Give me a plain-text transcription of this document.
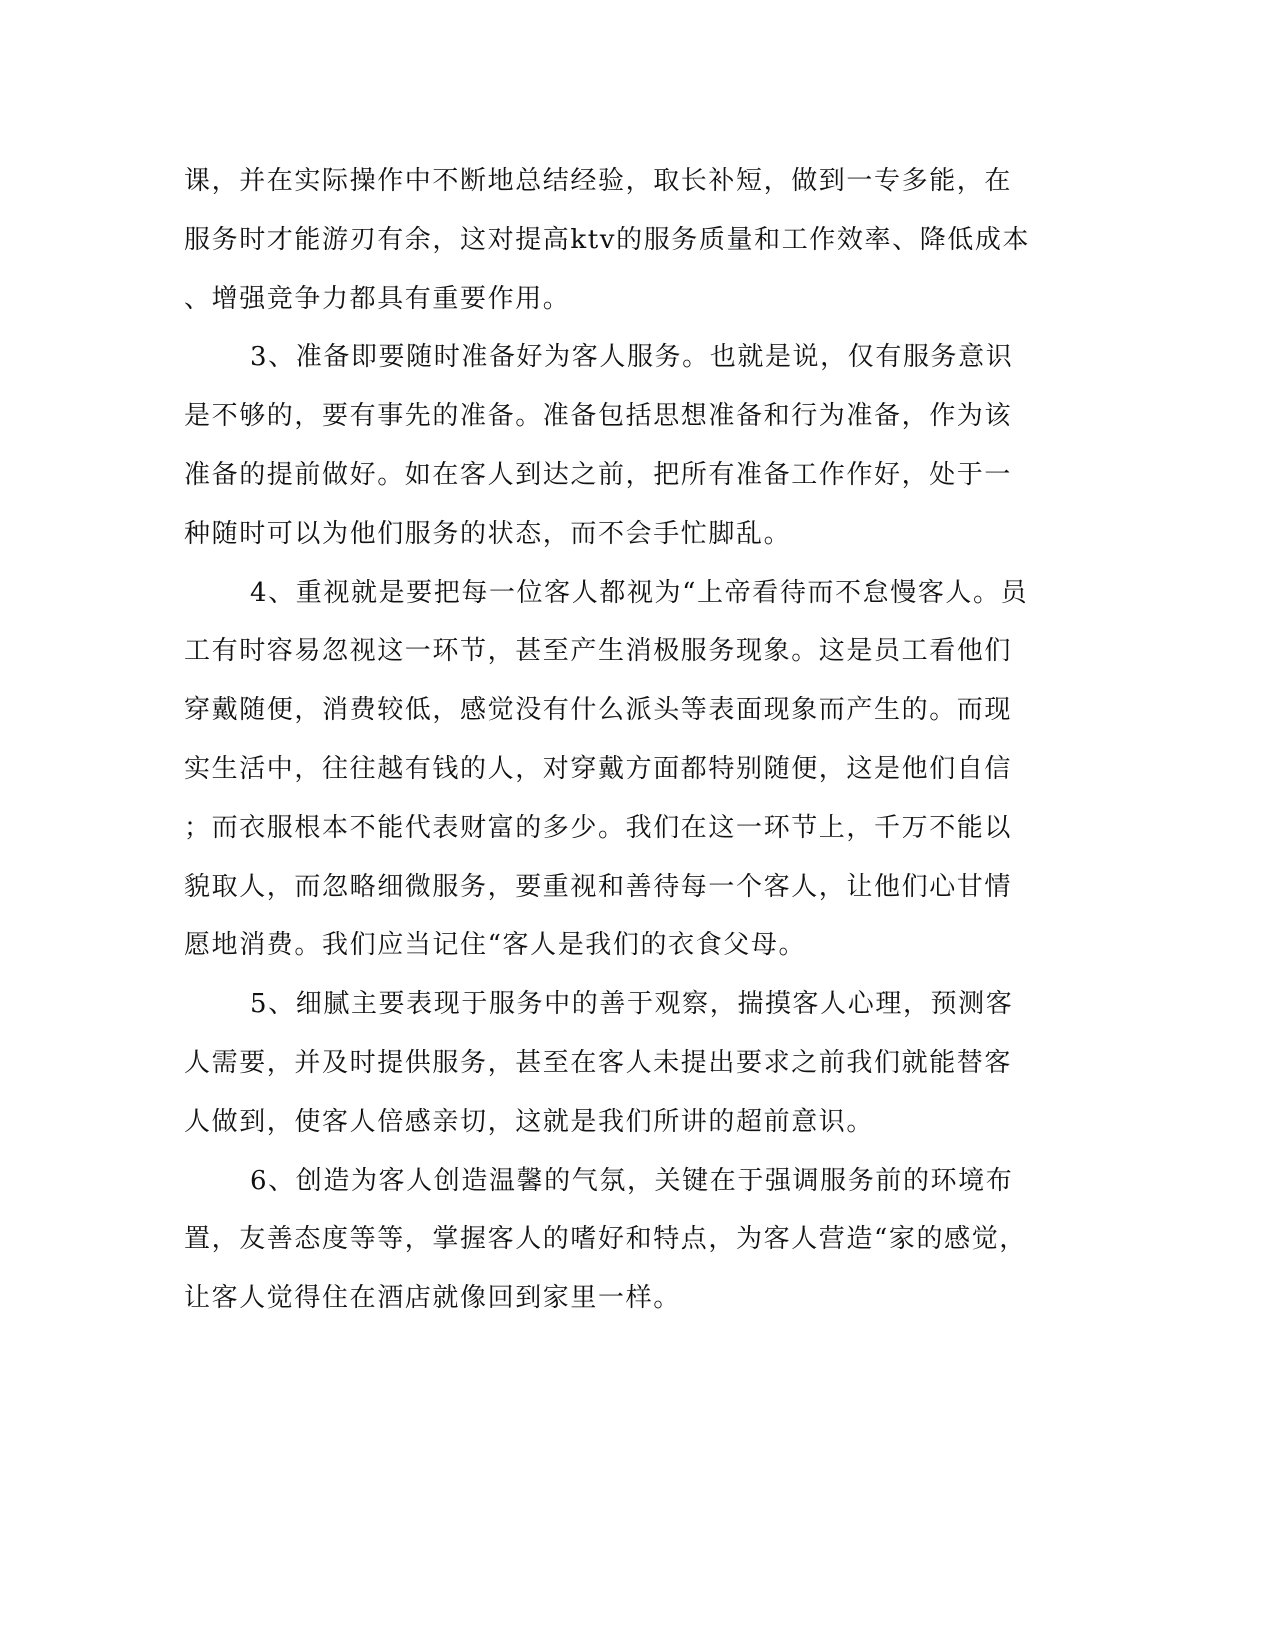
课，并在实际操作中不断地总结经验，取长补短，做到一专多能，在
服务时才能游刃有余，这对提高ktv的服务质量和工作效率、降低成本
、增强竞争力都具有重要作用。
3、准备即要随时准备好为客人服务。也就是说，仅有服务意识
是不够的，要有事先的准备。准备包括思想准备和行为准备，作为该
准备的提前做好。如在客人到达之前，把所有准备工作作好，处于一
种随时可以为他们服务的状态，而不会手忙脚乱。
4、重视就是要把每一位客人都视为“上帝看待而不怠慢客人。员
工有时容易忽视这一环节，甚至产生消极服务现象。这是员工看他们
穿戴随便，消费较低，感觉没有什么派头等表面现象而产生的。而现
实生活中，往往越有钱的人，对穿戴方面都特别随便，这是他们自信
；而衣服根本不能代表财富的多少。我们在这一环节上，千万不能以
貌取人，而忽略细微服务，要重视和善待每一个客人，让他们心甘情
愿地消费。我们应当记住“客人是我们的衣食父母。
5、细腻主要表现于服务中的善于观察，揣摸客人心理，预测客
人需要，并及时提供服务，甚至在客人未提出要求之前我们就能替客
人做到，使客人倍感亲切，这就是我们所讲的超前意识。
6、创造为客人创造温馨的气氛，关键在于强调服务前的环境布
置，友善态度等等，掌握客人的嗜好和特点，为客人营造“家的感觉，
让客人觉得住在酒店就像回到家里一样。
